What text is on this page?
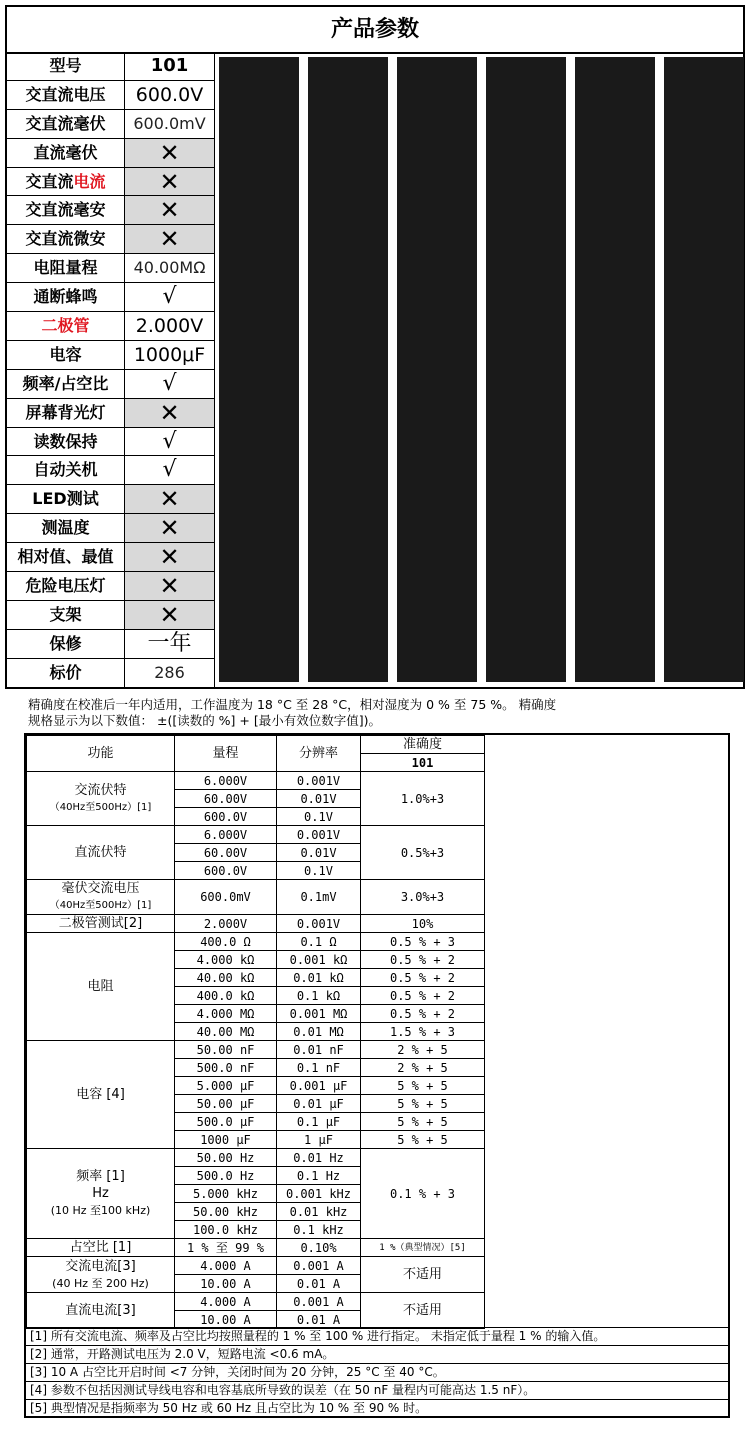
产品参数
型号	101
交直流电压	600.0V
交直流毫伏	600.0mV
直流毫伏	✕
交直流电流	✕
交直流毫安	✕
交直流微安	✕
电阻量程	40.00MΩ
通断蜂鸣	√
二极管	2.000V
电容	1000μF
频率/占空比	√
屏幕背光灯	✕
读数保持	√
自动关机	√
LED测试	✕
测温度	✕
相对值、最值	✕
危险电压灯	✕
支架	✕
保修	一年
标价	286
精确度在校准后一年内适用，工作温度为 18 °C 至 28 °C，相对湿度为 0 % 至 75 %。 精确度
规格显示为以下数值： ±([读数的 %] + [最小有效位数字值])。
功能	量程	分辨率	准确度
			101

交流伏特
（40Hz至500Hz）[1]	6.000V	0.001V	1.0%+3
	60.00V	0.01V	
	600.0V	0.1V	
直流伏特	6.000V	0.001V	0.5%+3
	60.00V	0.01V	
	600.0V	0.1V	

毫伏交流电压
（40Hz至500Hz）[1]	600.0mV	0.1mV	3.0%+3
二极管测试[2]	2.000V	0.001V	10%
电阻	400.0 Ω	0.1 Ω	0.5 % + 3
	4.000 kΩ	0.001 kΩ	0.5 % + 2
	40.00 kΩ	0.01 kΩ	0.5 % + 2
	400.0 kΩ	0.1 kΩ	0.5 % + 2
	4.000 MΩ	0.001 MΩ	0.5 % + 2
	40.00 MΩ	0.01 MΩ	1.5 % + 3
电容 [4]	50.00 nF	0.01 nF	2 % + 5
	500.0 nF	0.1 nF	2 % + 5
	5.000 μF	0.001 μF	5 % + 5
	50.00 μF	0.01 μF	5 % + 5
	500.0 μF	0.1 μF	5 % + 5
	1000 μF	1 μF	5 % + 5

频率 [1]
Hz
(10 Hz 至100 kHz)	50.00 Hz	0.01 Hz	0.1 % + 3
	500.0 Hz	0.1 Hz	
	5.000 kHz	0.001 kHz	
	50.00 kHz	0.01 kHz	
	100.0 kHz	0.1 kHz	
占空比 [1]	1 % 至 99 %	0.10%	1 %（典型情况）[5]

交流电流[3]
(40 Hz 至 200 Hz)	4.000 A	0.001 A	不适用
	10.00 A	0.01 A	
直流电流[3]	4.000 A	0.001 A	不适用
	10.00 A	0.01 A	
[1] 所有交流电流、频率及占空比均按照量程的 1 % 至 100 % 进行指定。 未指定低于量程 1 % 的输入值。
[2] 通常，开路测试电压为 2.0 V，短路电流 <0.6 mA。
[3] 10 A 占空比开启时间 <7 分钟，关闭时间为 20 分钟，25 °C 至 40 °C。
[4] 参数不包括因测试导线电容和电容基底所导致的误差（在 50 nF 量程内可能高达 1.5 nF）。
[5] 典型情况是指频率为 50 Hz 或 60 Hz 且占空比为 10 % 至 90 % 时。
